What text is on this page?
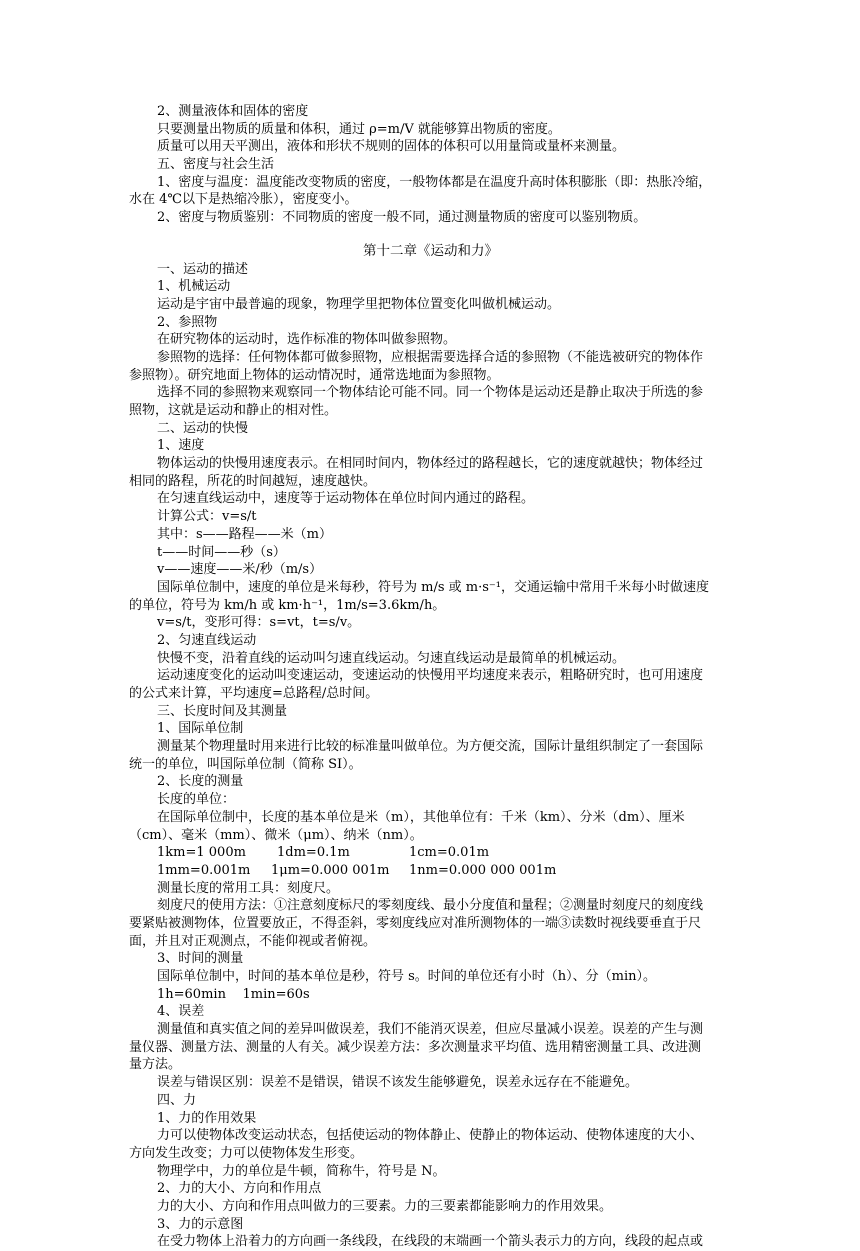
2、测量液体和固体的密度
只要测量出物质的质量和体积，通过 ρ=m/V 就能够算出物质的密度。
质量可以用天平测出，液体和形状不规则的固体的体积可以用量筒或量杯来测量。
五、密度与社会生活
1、密度与温度：温度能改变物质的密度，一般物体都是在温度升高时体积膨胀（即：热胀冷缩，
水在 4℃以下是热缩冷胀），密度变小。
2、密度与物质鉴别：不同物质的密度一般不同，通过测量物质的密度可以鉴别物质。
第十二章《运动和力》
一、运动的描述
1、机械运动
运动是宇宙中最普遍的现象，物理学里把物体位置变化叫做机械运动。
2、参照物
在研究物体的运动时，选作标准的物体叫做参照物。
参照物的选择：任何物体都可做参照物，应根据需要选择合适的参照物（不能选被研究的物体作
参照物）。研究地面上物体的运动情况时，通常选地面为参照物。
选择不同的参照物来观察同一个物体结论可能不同。同一个物体是运动还是静止取决于所选的参
照物，这就是运动和静止的相对性。
二、运动的快慢
1、速度
物体运动的快慢用速度表示。在相同时间内，物体经过的路程越长，它的速度就越快；物体经过
相同的路程，所花的时间越短，速度越快。
在匀速直线运动中，速度等于运动物体在单位时间内通过的路程。
计算公式：v=s/t
其中：s——路程——米（m）
t——时间——秒（s）
v——速度——米/秒（m/s）
国际单位制中，速度的单位是米每秒，符号为 m/s 或 m·s⁻¹，交通运输中常用千米每小时做速度
的单位，符号为 km/h 或 km·h⁻¹，1m/s=3.6km/h。
v=s/t，变形可得：s=vt，t=s/v。
2、匀速直线运动
快慢不变，沿着直线的运动叫匀速直线运动。匀速直线运动是最简单的机械运动。
运动速度变化的运动叫变速运动，变速运动的快慢用平均速度来表示，粗略研究时，也可用速度
的公式来计算，平均速度=总路程/总时间。
三、长度时间及其测量
1、国际单位制
测量某个物理量时用来进行比较的标准量叫做单位。为方便交流，国际计量组织制定了一套国际
统一的单位，叫国际单位制（简称 SI）。
2、长度的测量
长度的单位：
在国际单位制中，长度的基本单位是米（m），其他单位有：千米（km）、分米（dm）、厘米
（cm）、毫米（mm）、微米（μm）、纳米（nm）。
1km=1 000m 1dm=0.1m	1cm=0.01m
1mm=0.001m 1μm=0.000 001m 1nm=0.000 000 001m
测量长度的常用工具：刻度尺。
刻度尺的使用方法：①注意刻度标尺的零刻度线、最小分度值和量程；②测量时刻度尺的刻度线
要紧贴被测物体，位置要放正，不得歪斜，零刻度线应对准所测物体的一端③读数时视线要垂直于尺
面，并且对正观测点，不能仰视或者俯视。
3、时间的测量
国际单位制中，时间的基本单位是秒，符号 s。时间的单位还有小时（h）、分（min）。
1h=60min    1min=60s
4、误差
测量值和真实值之间的差异叫做误差，我们不能消灭误差，但应尽量减小误差。误差的产生与测
量仪器、测量方法、测量的人有关。减少误差方法：多次测量求平均值、选用精密测量工具、改进测
量方法。
误差与错误区别：误差不是错误，错误不该发生能够避免，误差永远存在不能避免。
四、力
1、力的作用效果
力可以使物体改变运动状态，包括使运动的物体静止、使静止的物体运动、使物体速度的大小、
方向发生改变；力可以使物体发生形变。
物理学中，力的单位是牛顿，简称牛，符号是 N。
2、力的大小、方向和作用点
力的大小、方向和作用点叫做力的三要素。力的三要素都能影响力的作用效果。
3、力的示意图
在受力物体上沿着力的方向画一条线段，在线段的末端画一个箭头表示力的方向，线段的起点或
